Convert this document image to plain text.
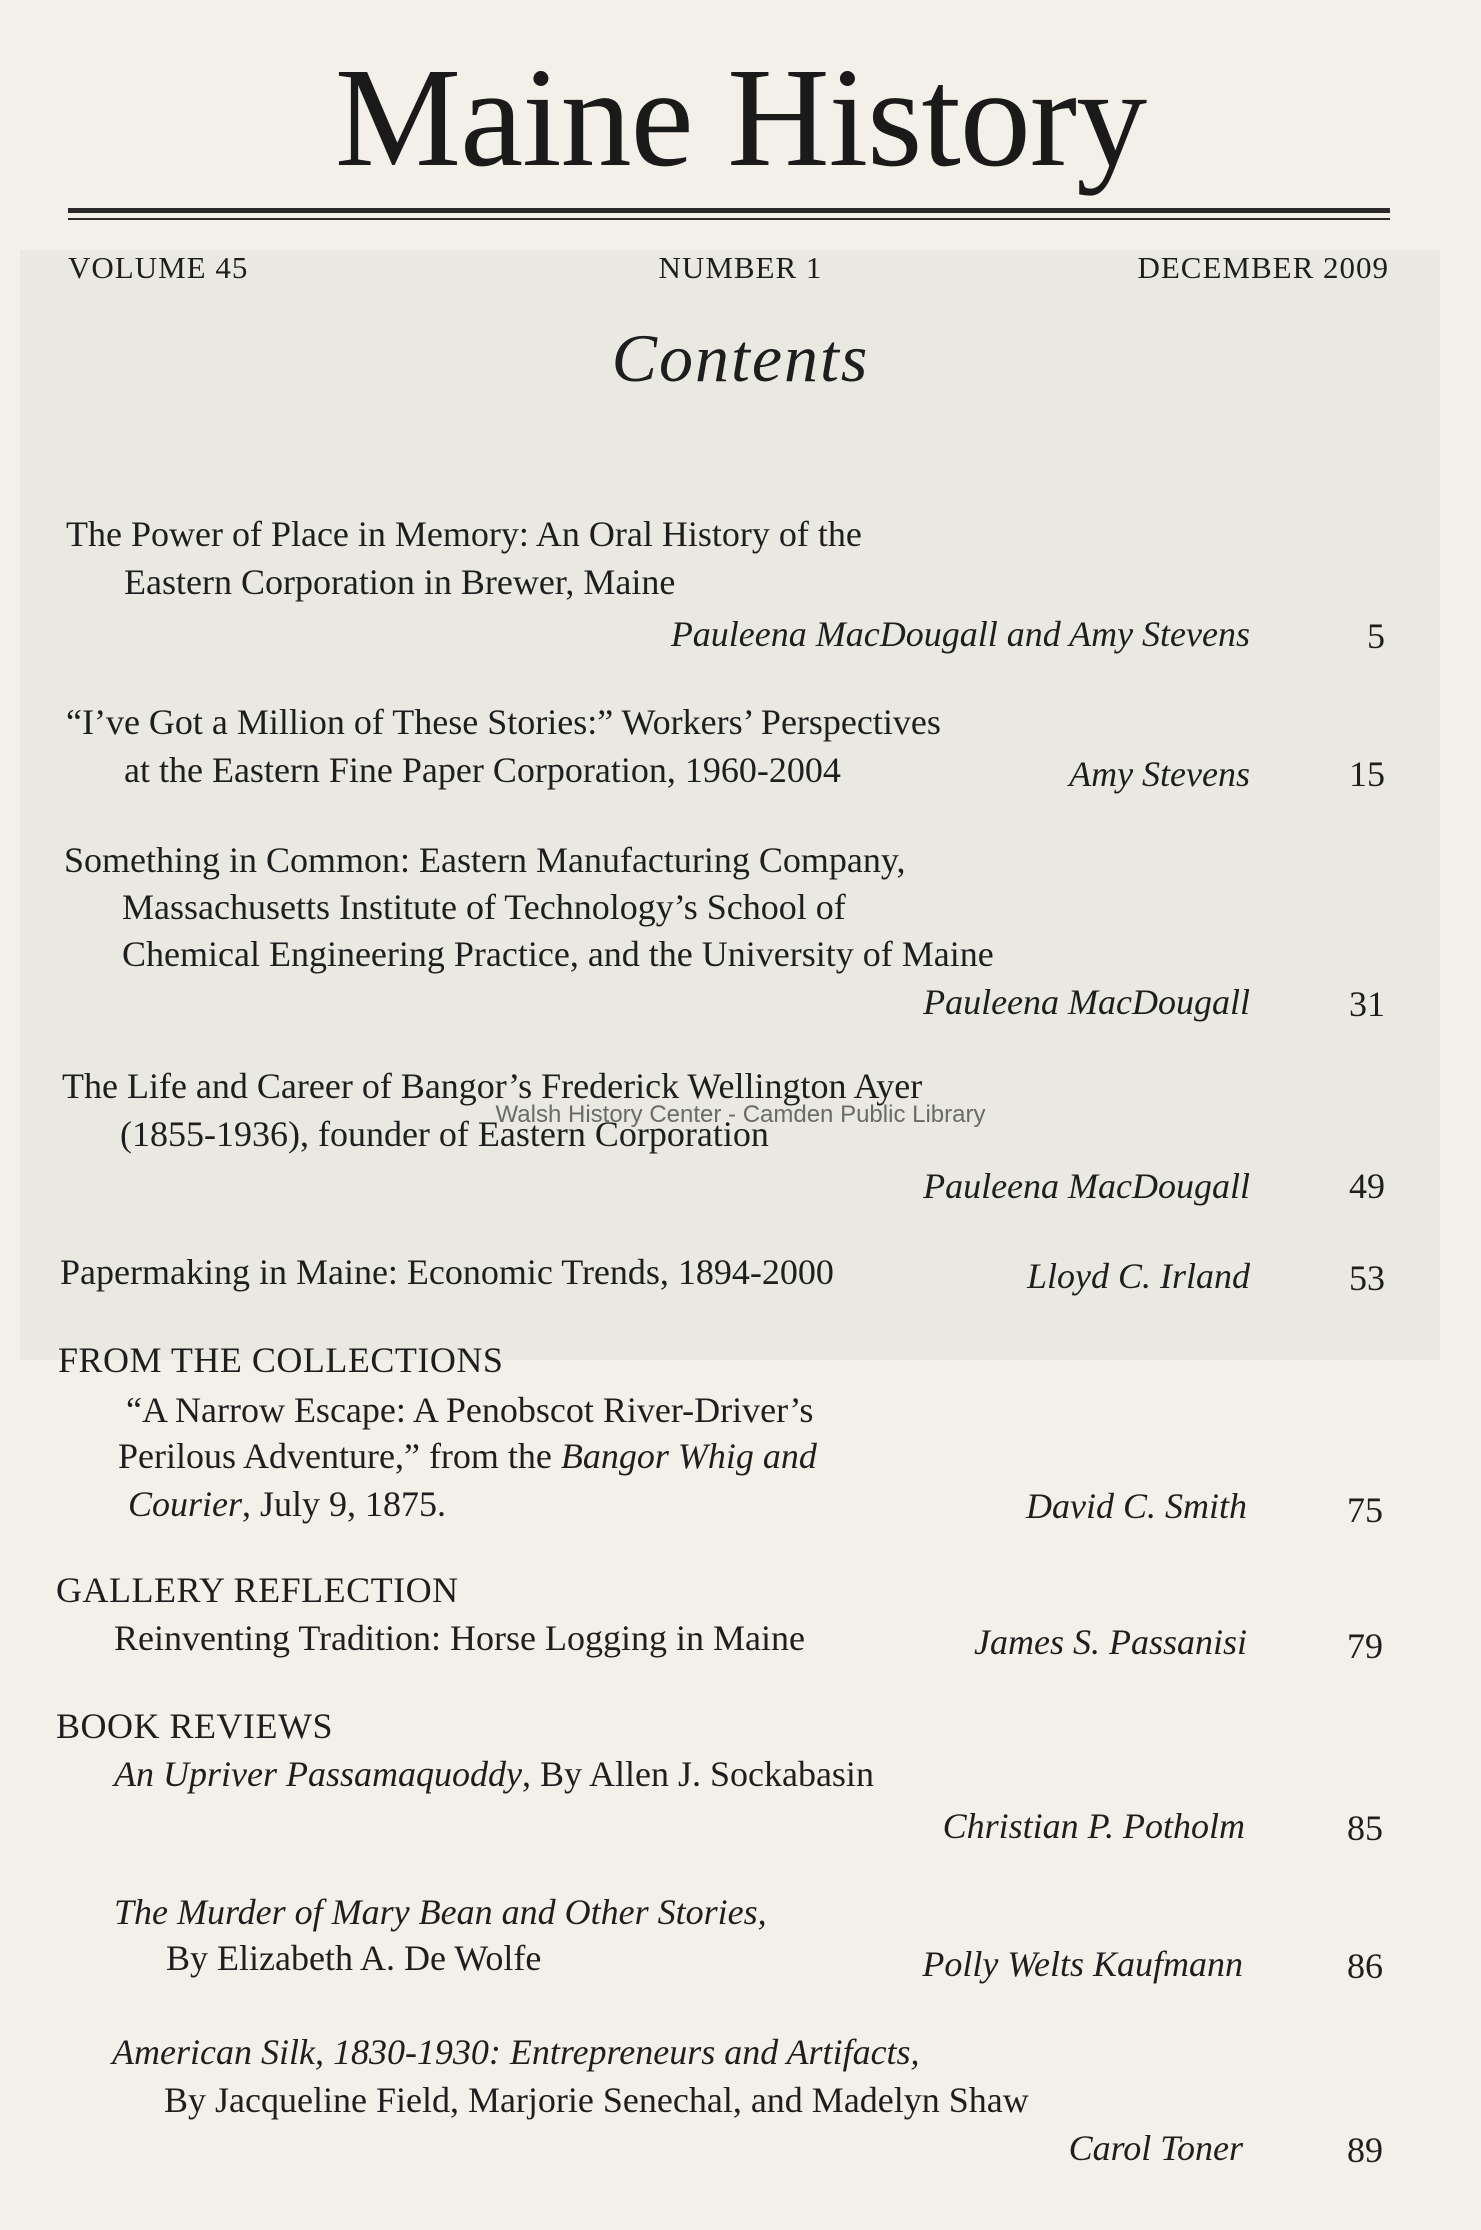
Maine History
VOLUME 45	NUMBER 1	DECEMBER 2009
Contents
The Power of Place in Memory: An Oral History of the
Eastern Corporation in Brewer, Maine
Pauleena MacDougall and Amy Stevens	5
“I’ve Got a Million of These Stories:” Workers’ Perspectives
at the Eastern Fine Paper Corporation, 1960-2004	Amy Stevens	15
Something in Common: Eastern Manufacturing Company,
Massachusetts Institute of Technology’s School of
Chemical Engineering Practice, and the University of Maine
Pauleena MacDougall	31
The Life and Career of Bangor’s Frederick Wellington Ayer
(1855-1936), founder of Eastern Corporation
Pauleena MacDougall	49
Papermaking in Maine: Economic Trends, 1894-2000	Lloyd C. Irland	53
FROM THE COLLECTIONS
“A Narrow Escape: A Penobscot River-Driver’s
Perilous Adventure,” from the Bangor Whig and
Courier, July 9, 1875.	David C. Smith	75
GALLERY REFLECTION
Reinventing Tradition: Horse Logging in Maine	James S. Passanisi	79
BOOK REVIEWS
An Upriver Passamaquoddy, By Allen J. Sockabasin
Christian P. Potholm	85
The Murder of Mary Bean and Other Stories,
By Elizabeth A. De Wolfe	Polly Welts Kaufmann	86
American Silk, 1830-1930: Entrepreneurs and Artifacts,
By Jacqueline Field, Marjorie Senechal, and Madelyn Shaw
Carol Toner	89
Walsh History Center - Camden Public Library
